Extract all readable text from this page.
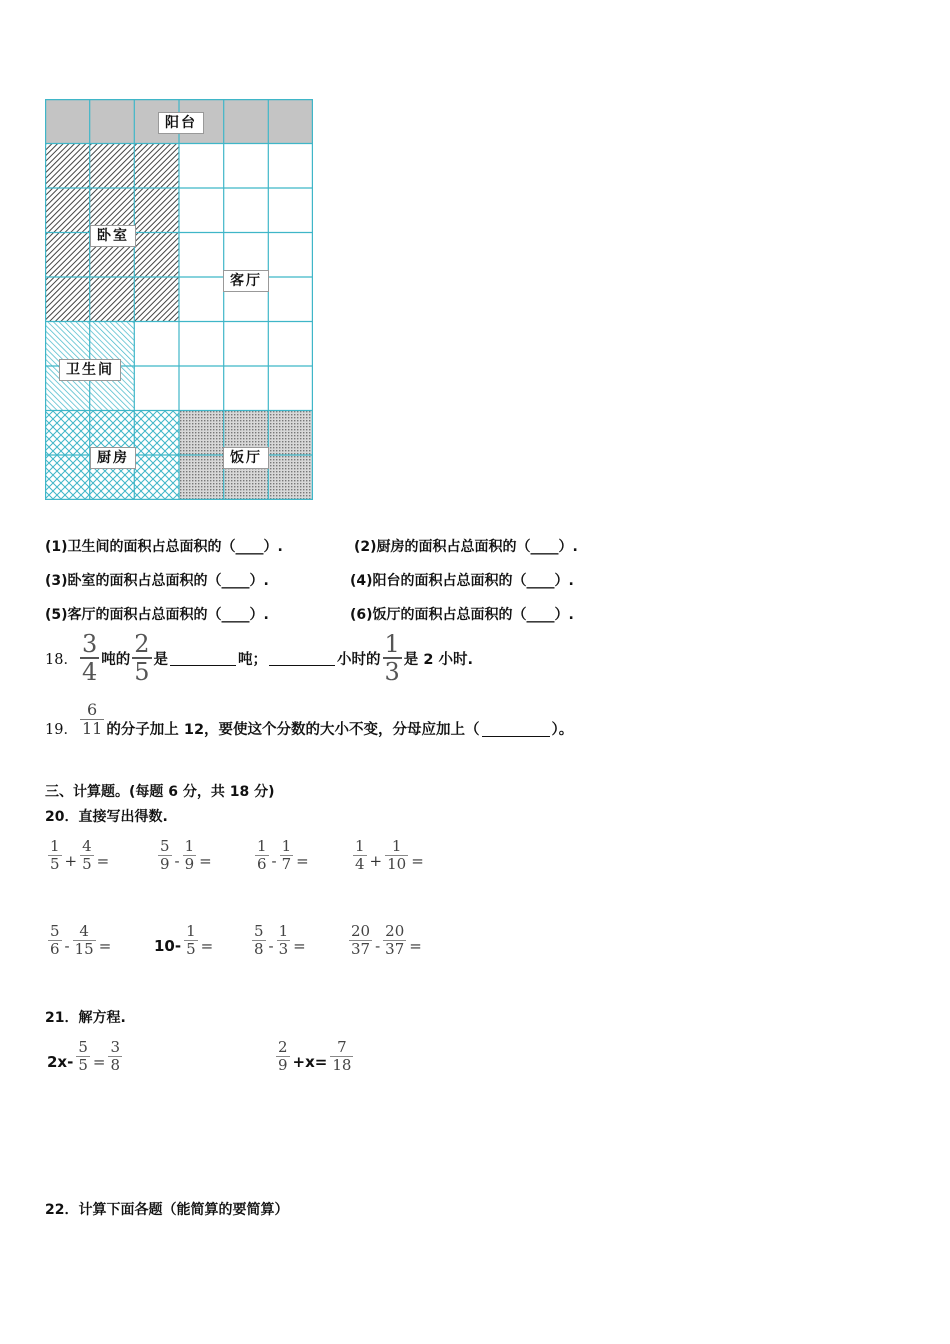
阳台
卧室
客厅
卫生间
厨房	饭厅
(1)卫生间的面积占总面积的（____）.	(2)厨房的面积占总面积的（____）.
(3)卧室的面积占总面积的（____）.	(4)阳台的面积占总面积的（____）.
(5)客厅的面积占总面积的（____）.	(6)饭厅的面积占总面积的（____）.
18． $\frac{3}{4}$ 吨的 $\frac{2}{5}$ 是	吨；	小时的 $\frac{1}{3}$ 是 2 小时.
19． $\frac{6}{11}$ 的分子加上 12，要使这个分数的大小不变，分母应加上（	）。
三、计算题。(每题 6 分，共 18 分)
20．直接写出得数.
$\frac{1}{5} + \frac{4}{5}$ =	$\frac{5}{9} - \frac{1}{9}$ =	$\frac{1}{6} - \frac{1}{7}$ =	$\frac{1}{4} + \frac{1}{10}$ =
$\frac{5}{6} - \frac{4}{15}$ =	$10- \frac{1}{5}$ =	$\frac{5}{8} - \frac{1}{3}$ =	$\frac{20}{37} - \frac{20}{37}$ =
21．解方程.
$2x- \frac{5}{5} = \frac{3}{8}$	$\frac{2}{9} +x= \frac{7}{18}$
22．计算下面各题（能简算的要简算）
